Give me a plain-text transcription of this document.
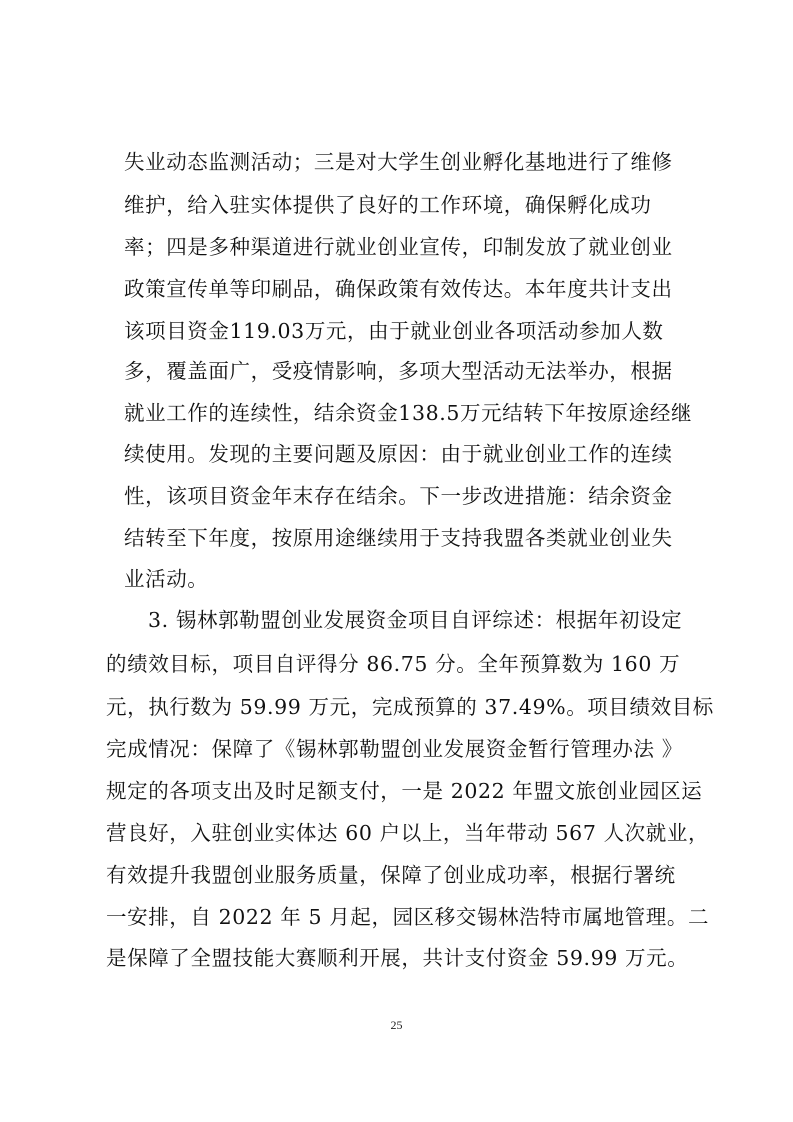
失业动态监测活动；三是对大学生创业孵化基地进行了维修
维护，给入驻实体提供了良好的工作环境，确保孵化成功
率；四是多种渠道进行就业创业宣传，印制发放了就业创业
政策宣传单等印刷品，确保政策有效传达。本年度共计支出
该项目资金119.03万元，由于就业创业各项活动参加人数
多，覆盖面广，受疫情影响，多项大型活动无法举办，根据
就业工作的连续性，结余资金138.5万元结转下年按原途经继
续使用。发现的主要问题及原因：由于就业创业工作的连续
性，该项目资金年末存在结余。下一步改进措施：结余资金
结转至下年度，按原用途继续用于支持我盟各类就业创业失
业活动。
3. 锡林郭勒盟创业发展资金项目自评综述：根据年初设定
的绩效目标，项目自评得分 86.75 分。全年预算数为 160 万
元，执行数为 59.99 万元，完成预算的 37.49%。项目绩效目标
完成情况：保障了《锡林郭勒盟创业发展资金暂行管理办法 》
规定的各项支出及时足额支付，一是 2022 年盟文旅创业园区运
营良好，入驻创业实体达 60 户以上，当年带动 567 人次就业，
有效提升我盟创业服务质量，保障了创业成功率，根据行署统
一安排，自 2022 年 5 月起，园区移交锡林浩特市属地管理。二
是保障了全盟技能大赛顺利开展，共计支付资金 59.99 万元。
25
